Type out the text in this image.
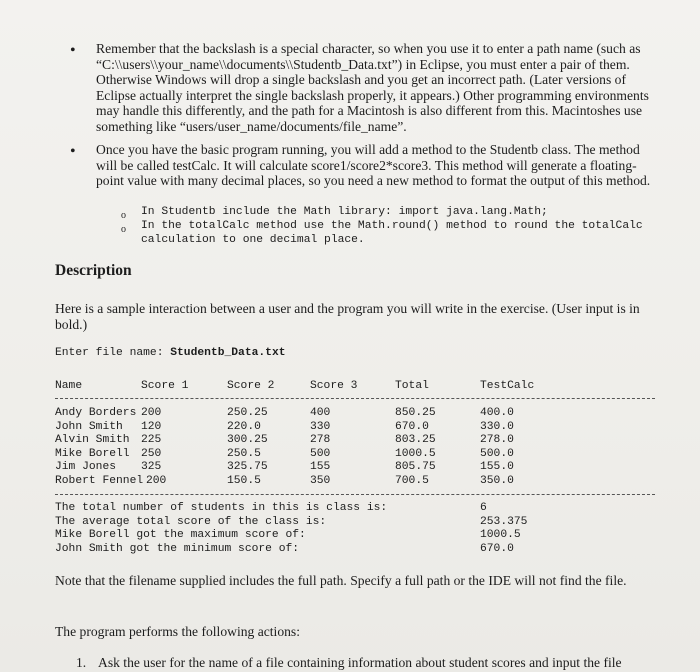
• Remember that the backslash is a special character, so when you use it to enter a path name (such as “C:\\users\\your_name\\documents\\Studentb_Data.txt”) in Eclipse, you must enter a pair of them. Otherwise Windows will drop a single backslash and you get an incorrect path. (Later versions of Eclipse actually interpret the single backslash properly, it appears.) Other programming environments may handle this differently, and the path for a Macintosh is also different from this. Macintoshes use something like “users/user_name/documents/file_name”.
• Once you have the basic program running, you will add a method to the Studentb class. The method will be called testCalc. It will calculate score1/score2*score3. This method will generate a floating-point value with many decimal places, so you need a new method to format the output of this method.
o In Studentb include the Math library: import java.lang.Math;
o In the totalCalc method use the Math.round() method to round the totalCalc
calculation to one decimal place.
Description
Here is a sample interaction between a user and the program you will write in the exercise. (User input is in bold.)
Enter file name: Studentb_Data.txt
Name	Score 1	Score 2	Score 3	Total	TestCalc
Andy Borders 200	250.25	400	850.25	400.0
John Smith 120	220.0	330	670.0	330.0
Alvin Smith 225	300.25	278	803.25	278.0
Mike Borell 250	250.5	500	1000.5	500.0
Jim Jones 325	325.75	155	805.75	155.0
Robert Fennel 200	150.5	350	700.5	350.0
The total number of students in this is class is:	6
The average total score of the class is:	253.375
Mike Borell got the maximum score of:	1000.5
John Smith got the minimum score of:	670.0
Note that the filename supplied includes the full path. Specify a full path or the IDE will not find the file.
The program performs the following actions:
1. Ask the user for the name of a file containing information about student scores and input the file
